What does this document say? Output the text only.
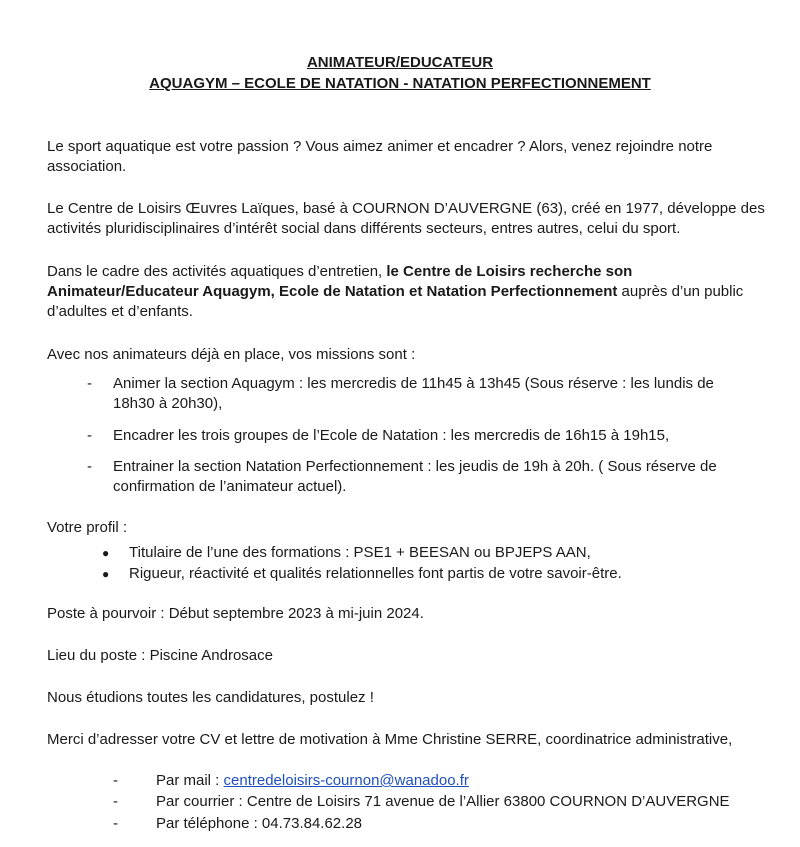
ANIMATEUR/EDUCATEUR
AQUAGYM – ECOLE DE NATATION - NATATION PERFECTIONNEMENT

Le sport aquatique est votre passion ? Vous aimez animer et encadrer ? Alors, venez rejoindre notre association.

Le Centre de Loisirs Œuvres Laïques, basé à COURNON D’AUVERGNE (63), créé en 1977, développe des activités pluridisciplinaires d’intérêt social dans différents secteurs, entres autres, celui du sport.

Dans le cadre des activités aquatiques d’entretien, le Centre de Loisirs recherche son Animateur/Educateur Aquagym, Ecole de Natation et Natation Perfectionnement auprès d’un public d’adultes et d’enfants.

Avec nos animateurs déjà en place, vos missions sont :

- Animer la section Aquagym : les mercredis de 11h45 à 13h45 (Sous réserve : les lundis de 18h30 à 20h30),
- Encadrer les trois groupes de l’Ecole de Natation : les mercredis de 16h15 à 19h15,
- Entrainer la section Natation Perfectionnement : les jeudis de 19h à 20h. ( Sous réserve de confirmation de l’animateur actuel).

Votre profil :

● Titulaire de l’une des formations : PSE1 + BEESAN ou BPJEPS AAN,
● Rigueur, réactivité et qualités relationnelles font partis de votre savoir-être.

Poste à pourvoir : Début septembre 2023 à mi-juin 2024.

Lieu du poste : Piscine Androsace

Nous étudions toutes les candidatures, postulez !

Merci d’adresser votre CV et lettre de motivation à Mme Christine SERRE, coordinatrice administrative,

-	Par mail : centredeloisirs-cournon@wanadoo.fr
-	Par courrier : Centre de Loisirs 71 avenue de l’Allier 63800 COURNON D’AUVERGNE
-	Par téléphone : 04.73.84.62.28
